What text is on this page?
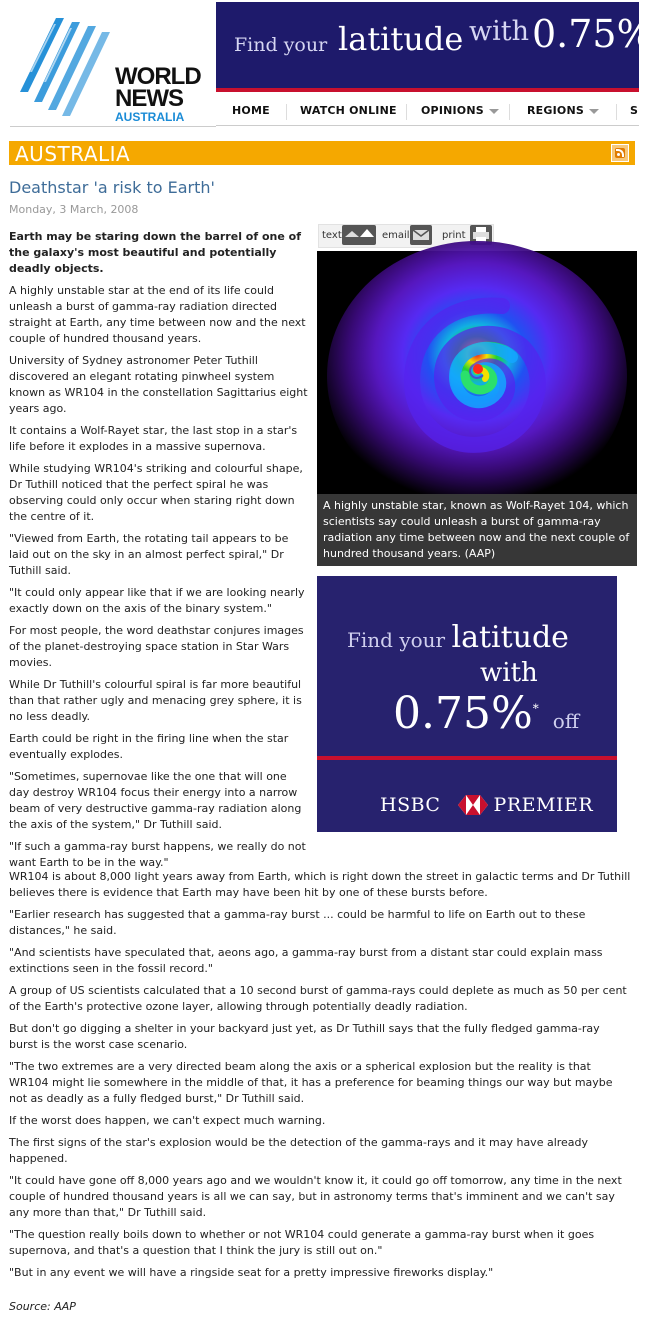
WORLD
NEWS
AUSTRALIA
Find your latitude with 0.75%
HOME	WATCH ONLINE OPINIONS	REGIONS	S
AUSTRALIA
Deathstar 'a risk to Earth'
Monday, 3 March, 2008

Earth may be staring down the barrel of one of the galaxy's most beautiful and potentially deadly objects.

A highly unstable star at the end of its life could unleash a burst of gamma-ray radiation directed straight at Earth, any time between now and the next couple of hundred thousand years.

University of Sydney astronomer Peter Tuthill discovered an elegant rotating pinwheel system known as WR104 in the constellation Sagittarius eight years ago.

It contains a Wolf-Rayet star, the last stop in a star's life before it explodes in a massive supernova.

While studying WR104's striking and colourful shape, Dr Tuthill noticed that the perfect spiral he was observing could only occur when staring right down the centre of it.

"Viewed from Earth, the rotating tail appears to be laid out on the sky in an almost perfect spiral," Dr Tuthill said.

"It could only appear like that if we are looking nearly exactly down on the axis of the binary system."

For most people, the word deathstar conjures images of the planet-destroying space station in Star Wars movies.

While Dr Tuthill's colourful spiral is far more beautiful than that rather ugly and menacing grey sphere, it is no less deadly.

Earth could be right in the firing line when the star eventually explodes.

"Sometimes, supernovae like the one that will one day destroy WR104 focus their energy into a narrow beam of very destructive gamma-ray radiation along the axis of the system," Dr Tuthill said.

"If such a gamma-ray burst happens, we really do not want Earth to be in the way."

text	email	print
A highly unstable star, known as Wolf-Rayet 104, which scientists say could unleash a burst of gamma-ray radiation any time between now and the next couple of hundred thousand years. (AAP)
Find your latitude
with
0.75%* off
HSBC	PREMIER

WR104 is about 8,000 light years away from Earth, which is right down the street in galactic terms and Dr Tuthill believes there is evidence that Earth may have been hit by one of these bursts before.

"Earlier research has suggested that a gamma-ray burst ... could be harmful to life on Earth out to these distances," he said.

"And scientists have speculated that, aeons ago, a gamma-ray burst from a distant star could explain mass extinctions seen in the fossil record."

A group of US scientists calculated that a 10 second burst of gamma-rays could deplete as much as 50 per cent of the Earth's protective ozone layer, allowing through potentially deadly radiation.

But don't go digging a shelter in your backyard just yet, as Dr Tuthill says that the fully fledged gamma-ray burst is the worst case scenario.

"The two extremes are a very directed beam along the axis or a spherical explosion but the reality is that WR104 might lie somewhere in the middle of that, it has a preference for beaming things our way but maybe not as deadly as a fully fledged burst," Dr Tuthill said.

If the worst does happen, we can't expect much warning.

The first signs of the star's explosion would be the detection of the gamma-rays and it may have already happened.

"It could have gone off 8,000 years ago and we wouldn't know it, it could go off tomorrow, any time in the next couple of hundred thousand years is all we can say, but in astronomy terms that's imminent and we can't say any more than that," Dr Tuthill said.

"The question really boils down to whether or not WR104 could generate a gamma-ray burst when it goes supernova, and that's a question that I think the jury is still out on."

"But in any event we will have a ringside seat for a pretty impressive fireworks display."

Source: AAP
